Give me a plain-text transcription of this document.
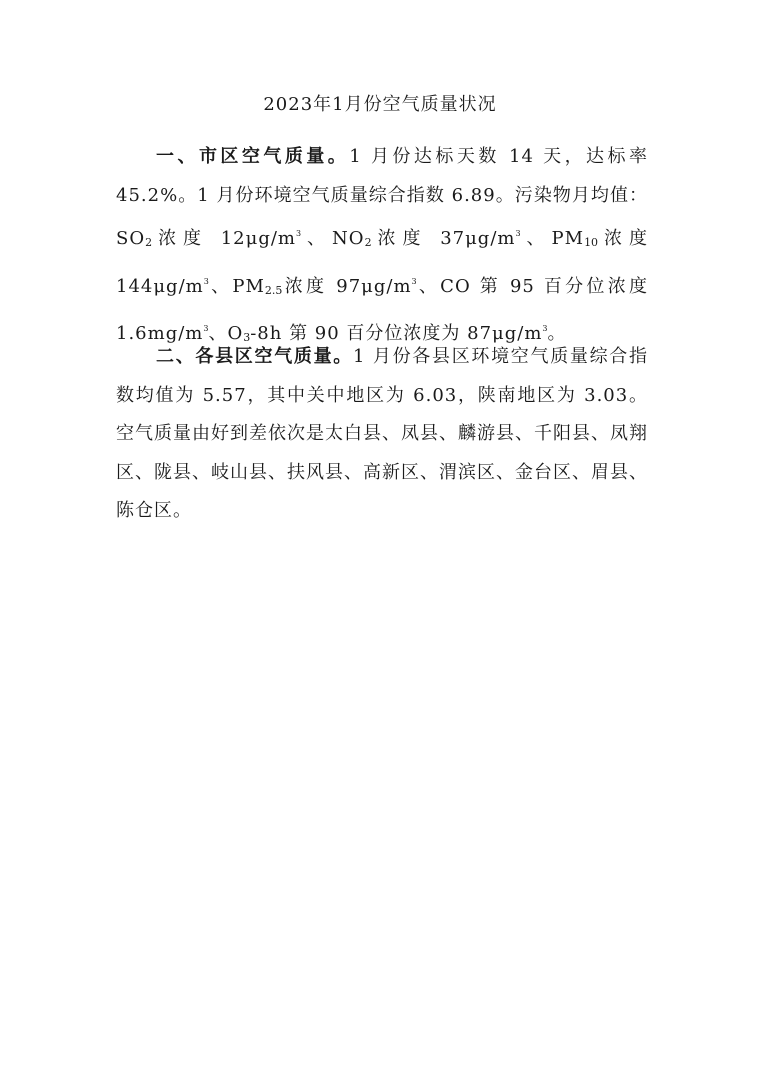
2023年1月份空气质量状况
一、市区空气质量。1 月份达标天数 14 天，达标率45.2%。1 月份环境空气质量综合指数 6.89。污染物月均值：SO2浓度 $12\mu g/m^3$、NO2浓度 $37\mu g/m^3$、PM10浓度 $144\mu g/m^3$、PM2.5浓度 $97\mu g/m^3$、CO 第 95 百分位浓度 $1.6mg/m^3$、O3-8h 第 90 百分位浓度为 $87\mu g/m^3$。
二、各县区空气质量。1 月份各县区环境空气质量综合指数均值为 5.57，其中关中地区为 6.03，陕南地区为 3.03。空气质量由好到差依次是太白县、凤县、麟游县、千阳县、凤翔区、陇县、岐山县、扶风县、高新区、渭滨区、金台区、眉县、陈仓区。
